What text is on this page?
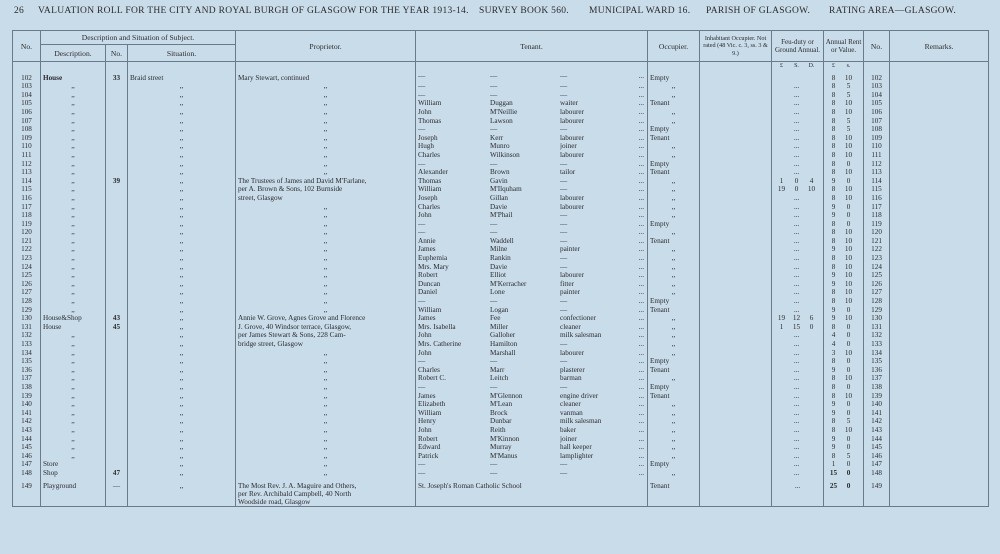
26 VALUATION ROLL FOR THE CITY AND ROYAL BURGH OF GLASGOW FOR THE YEAR 1913-14. SURVEY BOOK 560. MUNICIPAL WARD 16. PARISH OF GLASGOW. RATING AREA—GLASGOW.
No.	Description and Situation of Subject.			Proprietor.	Tenant.	Occupier.	Inhabitant Occupier. Not rated (48 Vic. c. 3, ss. 3 & 9.)	Feu-duty or Ground Annual.	Annual Rent or Value.	No.	Remarks.
	Description.	No.	Situation.								
								£ S. D.	£ s.		
102	House	33	Braid street	Mary Stewart, continued	— — — ...	Empty			8 10	102	
103	,,		,,	,,	— — — ...	,,		...	8 5	103	
104	,,		,,	,,	— — — ...	,,		...	8 5	104	
105	,,		,,	,,	William Duggan waiter ...	Tenant		...	8 10	105	
106	,,		,,	,,	John M'Neillie labourer ...	,,		...	8 10	106	
107	,,		,,	,,	Thomas Lawson labourer ...	,,		...	8 5	107	
108	,,		,,	,,	— — — ...	Empty		...	8 5	108	
109	,,		,,	,,	Joseph Kerr labourer ...	Tenant		...	8 10	109	
110	,,		,,	,,	Hugh Munro joiner ...	,,		...	8 10	110	
111	,,		,,	,,	Charles Wilkinson labourer ...	,,		...	8 10	111	
112	,,		,,	,,	— — — ...	Empty		...	8 0	112	
113	,,		,,	,,	Alexander Brown tailor ...	Tenant		...	8 10	113	
114	,,	39	,,	The Trustees of James and David M'Farlane,	Thomas Gavin — ...	,,		1 0 4	9 0	114	
115	,,		,,	per A. Brown & Sons, 102 Burnside	William M'Ilquham — ...	,,		19 0 10	8 10	115	
116	,,		,,	street, Glasgow	Joseph Gillan labourer ...	,,		...	8 10	116	
117	,,		,,	,,	Charles Davie labourer ...	,,		...	9 0	117	
118	,,		,,	,,	John M'Phail — ...	,,		...	9 0	118	
119	,,		,,	,,	— — — ...	Empty		...	8 0	119	
120	,,		,,	,,	— — — ...	,,		...	8 10	120	
121	,,		,,	,,	Annie Waddell — ...	Tenant		...	8 10	121	
122	,,		,,	,,	James Milne painter ...	,,		...	9 10	122	
123	,,		,,	,,	Euphemia Rankin — ...	,,		...	8 10	123	
124	,,		,,	,,	Mrs. Mary Davie — ...	,,		...	8 10	124	
125	,,		,,	,,	Robert Elliot labourer ...	,,		...	9 10	125	
126	,,		,,	,,	Duncan M'Kerracher fitter ...	,,		...	9 10	126	
127	,,		,,	,,	Daniel Lone painter ...	,,		...	8 10	127	
128	,,		,,	,,	— — — ...	Empty		...	8 10	128	
129	,,		,,	,,	William Logan — ...	Tenant		...	9 0	129	
130	House&Shop	43	,,	Annie W. Grove, Agnes Grove and Florence	James Fee confectioner ...	,,		19 12 6	9 10	130	
131	House	45	,,	J. Grove, 40 Windsor terrace, Glasgow,	Mrs. Isabella Miller cleaner ...	,,		1 15 0	8 0	131	
132	,,		,,	per James Stewart & Sons, 228 Cam-	John Galloher milk salesman ...	,,		...	4 0	132	
133	,,		,,	bridge street, Glasgow	Mrs. Catherine Hamilton — ...	,,		...	4 0	133	
134	,,		,,	,,	John Marshall labourer ...	,,		...	3 10	134	
135	,,		,,	,,	— — — ...	Empty		...	8 0	135	
136	,,		,,	,,	Charles Marr plasterer ...	Tenant		...	9 0	136	
137	,,		,,	,,	Robert C. Leitch barman ...	,,		...	8 10	137	
138	,,		,,	,,	— — — ...	Empty		...	8 0	138	
139	,,		,,	,,	James M'Glennon engine driver ...	Tenant		...	8 10	139	
140	,,		,,	,,	Elizabeth M'Lean cleaner ...	,,		...	9 0	140	
141	,,		,,	,,	William Brock vanman ...	,,		...	9 0	141	
142	,,		,,	,,	Henry Dunbar milk salesman ...	,,		...	8 5	142	
143	,,		,,	,,	John Reith baker ...	,,		...	8 10	143	
144	,,		,,	,,	Robert M'Kinnon joiner ...	,,		...	9 0	144	
145	,,		,,	,,	Edward Murray hall keeper ...	,,		...	9 0	145	
146	,,		,,	,,	Patrick M'Manus lamplighter ...	,,		...	8 5	146	
147	Store		,,	,,	— — — ...	Empty		...	1 0	147	
148	Shop	47	,,	,,	— — — ...	,,		...	15 0	148	
149	Playground	—	,,	The Most Rev. J. A. Maguire and Others,
per Rev. Archibald Campbell, 40 North
Woodside road, Glasgow	St. Joseph's Roman Catholic School	Tenant		...	25 0	149	
